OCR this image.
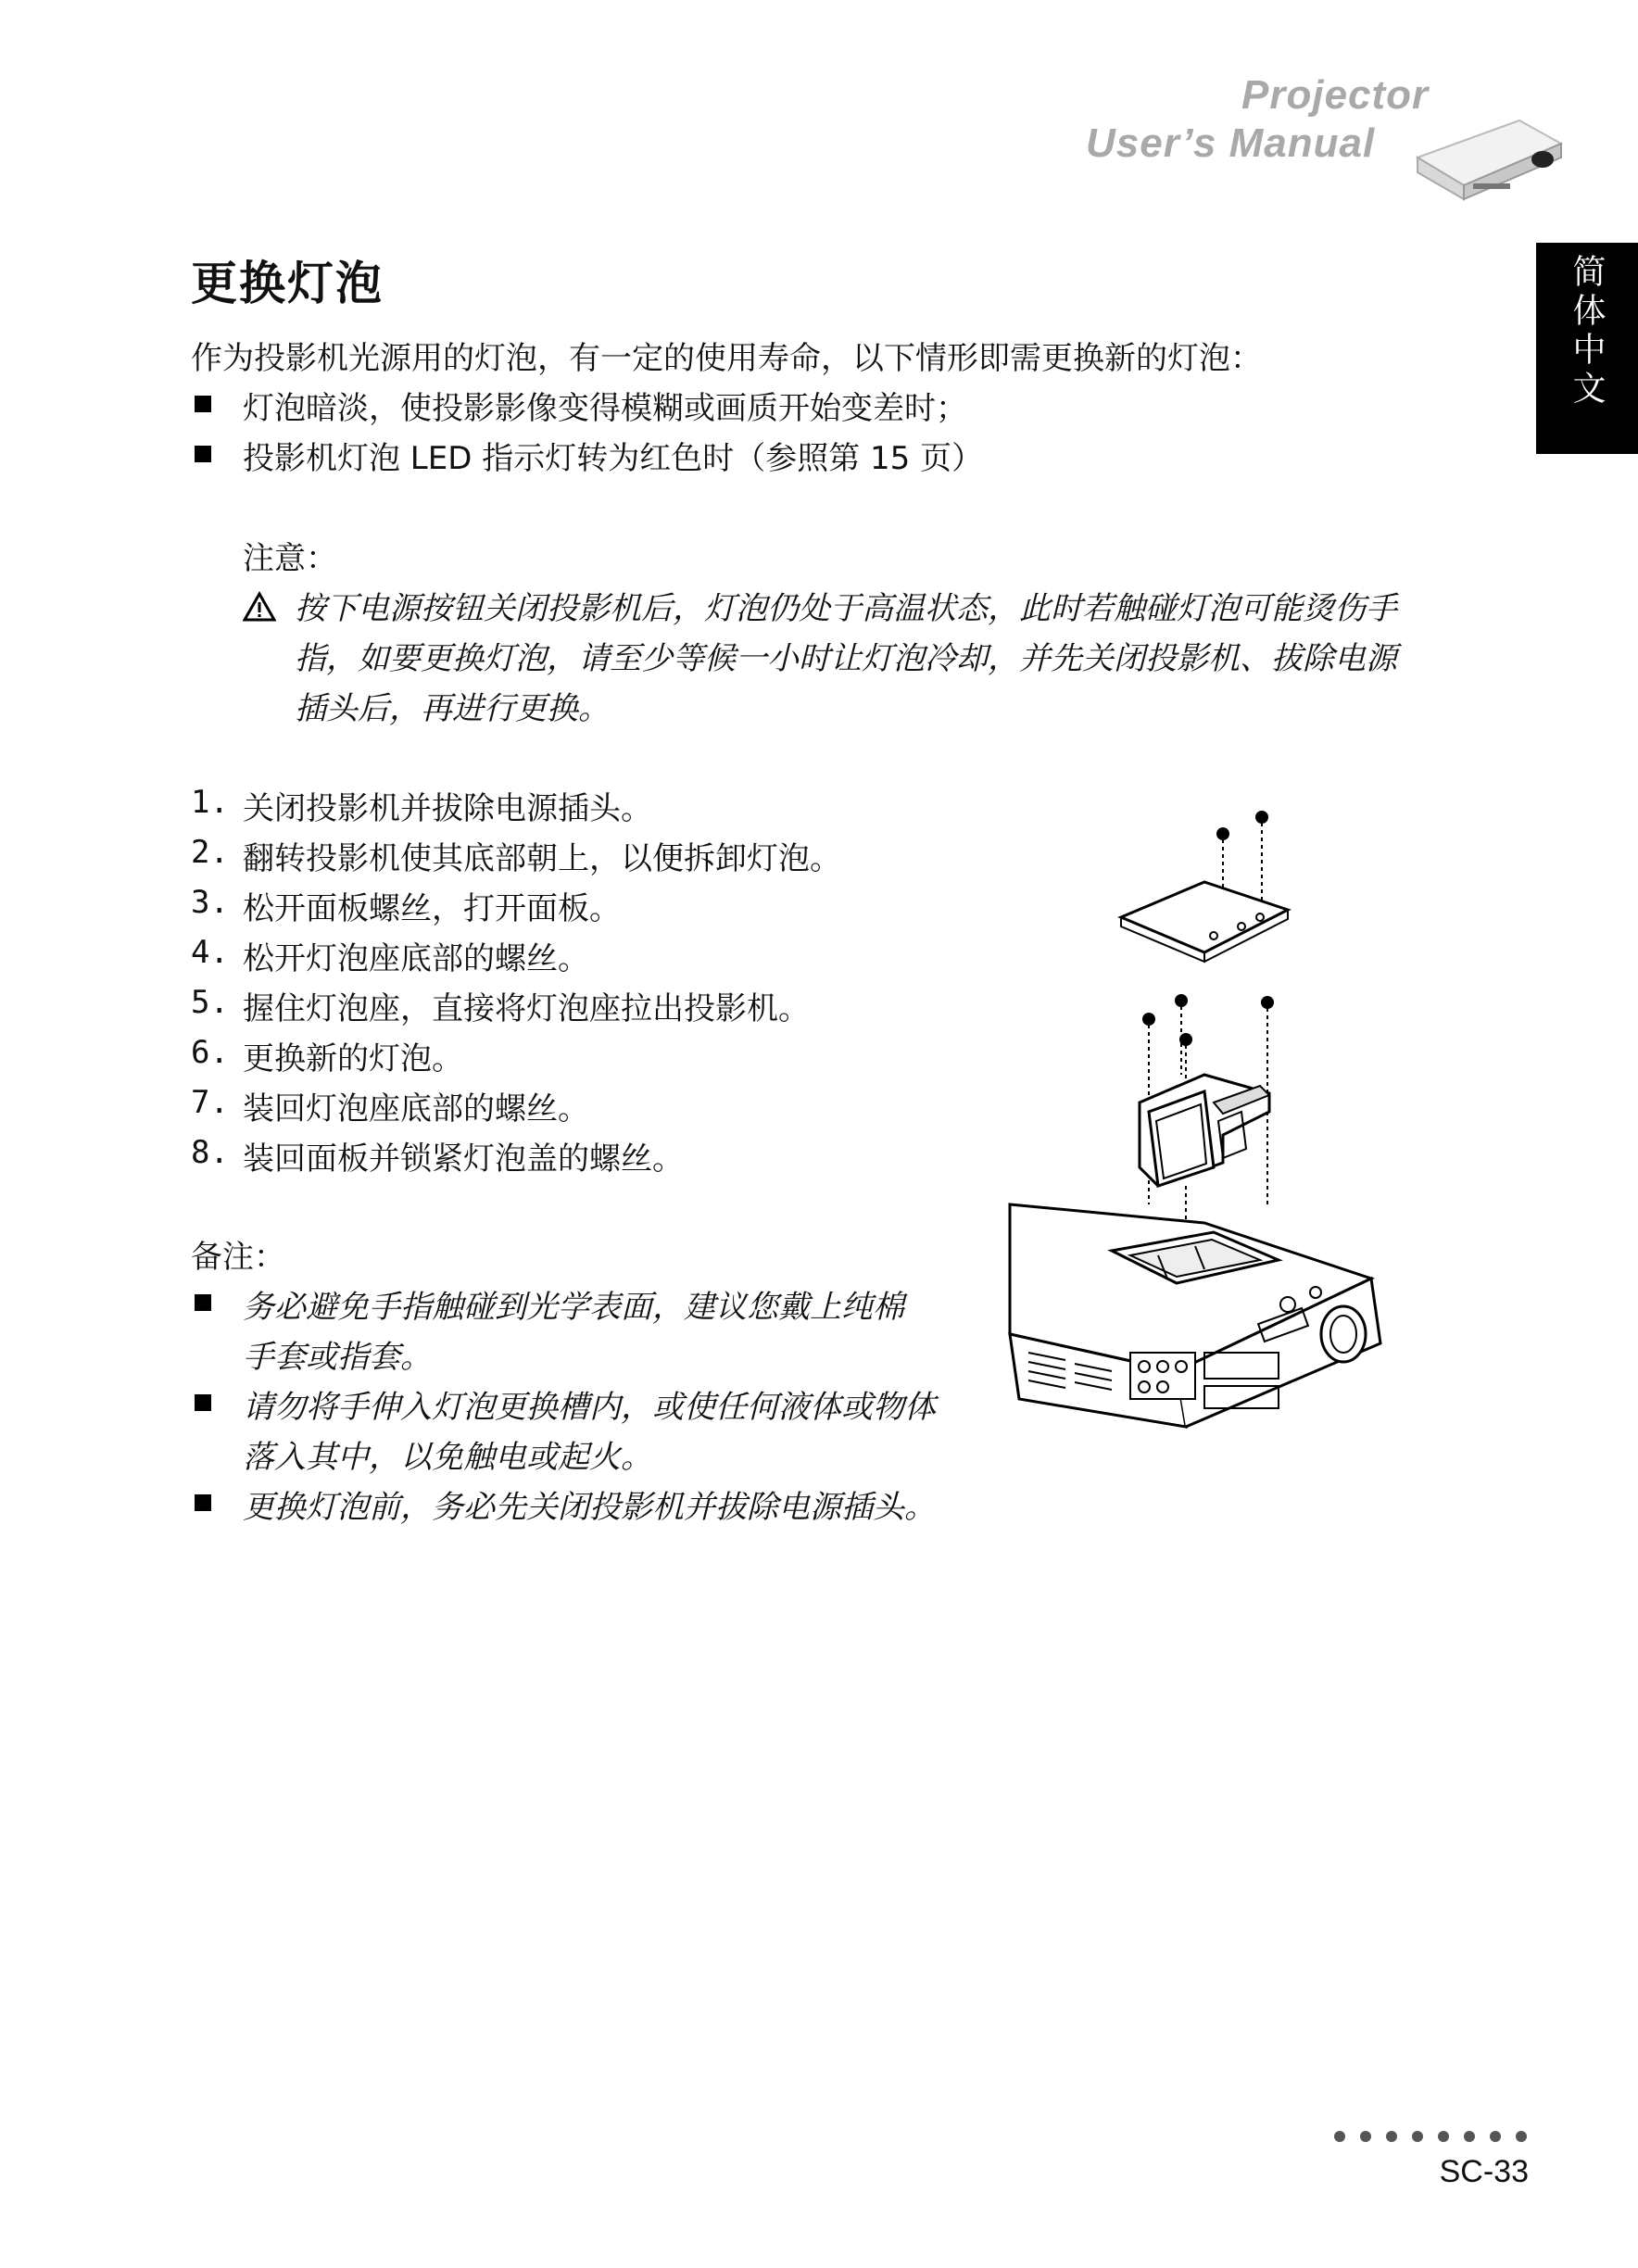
Projector
User’s Manual
简体中文
更换灯泡
作为投影机光源用的灯泡，有一定的使用寿命，以下情形即需更换新的灯泡：
灯泡暗淡，使投影影像变得模糊或画质开始变差时；
投影机灯泡 LED 指示灯转为红色时（参照第 15 页）
注意：
按下电源按钮关闭投影机后，灯泡仍处于高温状态，此时若触碰灯泡可能烫伤手
指，如要更换灯泡，请至少等候一小时让灯泡冷却，并先关闭投影机、拔除电源
插头后，再进行更换。
1. 关闭投影机并拔除电源插头。
2. 翻转投影机使其底部朝上，以便拆卸灯泡。
3. 松开面板螺丝，打开面板。
4. 松开灯泡座底部的螺丝。
5. 握住灯泡座，直接将灯泡座拉出投影机。
6. 更换新的灯泡。
7. 装回灯泡座底部的螺丝。
8. 装回面板并锁紧灯泡盖的螺丝。
备注：
务必避免手指触碰到光学表面，建议您戴上纯棉
手套或指套。
请勿将手伸入灯泡更换槽内，或使任何液体或物体
落入其中，以免触电或起火。
更换灯泡前，务必先关闭投影机并拔除电源插头。
SC-33
